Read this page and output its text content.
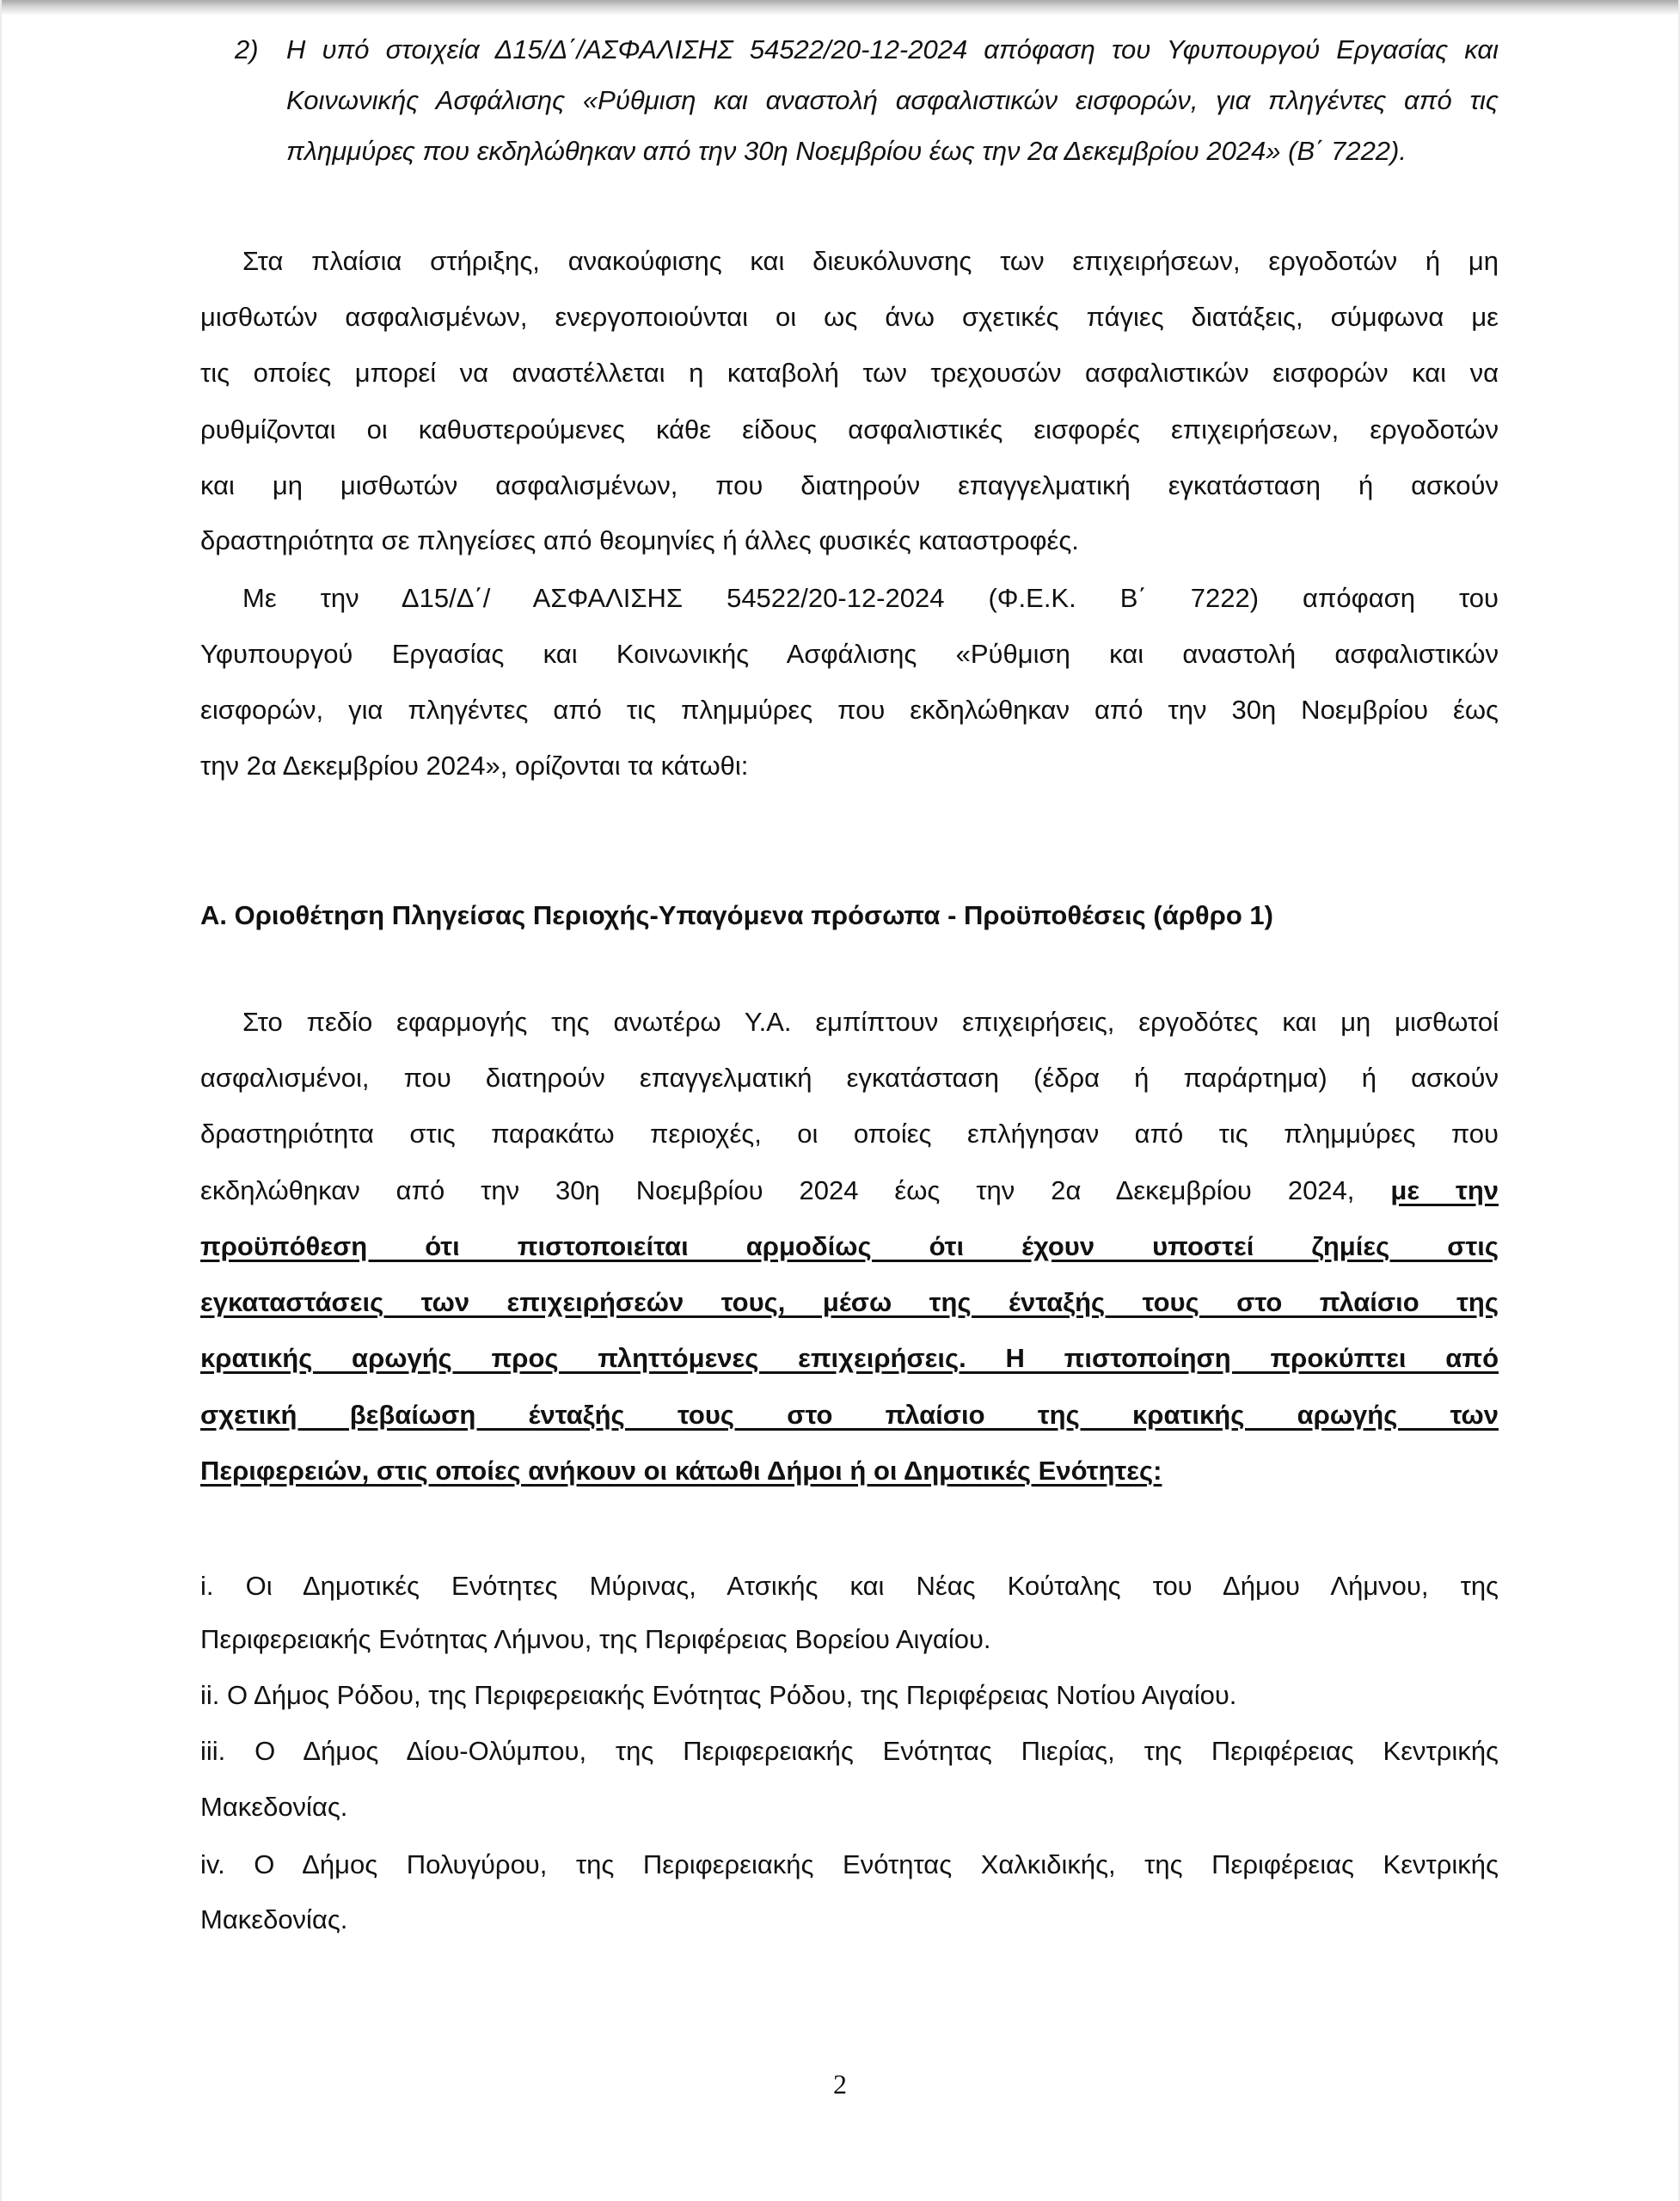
2) Η υπό στοιχεία Δ15/Δ΄/ΑΣΦΑΛΙΣΗΣ 54522/20-12-2024 απόφαση του Υφυπουργού Εργασίας και
Κοινωνικής Ασφάλισης «Ρύθμιση και αναστολή ασφαλιστικών εισφορών, για πληγέντες από τις
πλημμύρες που εκδηλώθηκαν από την 30η Νοεμβρίου έως την 2α Δεκεμβρίου 2024» (Β΄ 7222).
Στα πλαίσια στήριξης, ανακούφισης και διευκόλυνσης των επιχειρήσεων, εργοδοτών ή μη
μισθωτών ασφαλισμένων, ενεργοποιούνται οι ως άνω σχετικές πάγιες διατάξεις, σύμφωνα με
τις οποίες μπορεί να αναστέλλεται η καταβολή των τρεχουσών ασφαλιστικών εισφορών και να
ρυθμίζονται οι καθυστερούμενες κάθε είδους ασφαλιστικές εισφορές επιχειρήσεων, εργοδοτών
και μη μισθωτών ασφαλισμένων, που διατηρούν επαγγελματική εγκατάσταση ή ασκούν
δραστηριότητα σε πληγείσες από θεομηνίες ή άλλες φυσικές καταστροφές.
Με την Δ15/Δ΄/ ΑΣΦΑΛΙΣΗΣ 54522/20-12-2024 (Φ.Ε.Κ. Β΄ 7222) απόφαση του
Υφυπουργού Εργασίας και Κοινωνικής Ασφάλισης «Ρύθμιση και αναστολή ασφαλιστικών
εισφορών, για πληγέντες από τις πλημμύρες που εκδηλώθηκαν από την 30η Νοεμβρίου έως
την 2α Δεκεμβρίου 2024», ορίζονται τα κάτωθι:
Α. Οριοθέτηση Πληγείσας Περιοχής-Υπαγόμενα πρόσωπα - Προϋποθέσεις (άρθρο 1)
Στο πεδίο εφαρμογής της ανωτέρω Υ.Α. εμπίπτουν επιχειρήσεις, εργοδότες και μη μισθωτοί
ασφαλισμένοι, που διατηρούν επαγγελματική εγκατάσταση (έδρα ή παράρτημα) ή ασκούν
δραστηριότητα στις παρακάτω περιοχές, οι οποίες επλήγησαν από τις πλημμύρες που
εκδηλώθηκαν από την 30η Νοεμβρίου 2024 έως την 2α Δεκεμβρίου 2024, με την
προϋπόθεση ότι πιστοποιείται αρμοδίως ότι έχουν υποστεί ζημίες στις
εγκαταστάσεις των επιχειρήσεών τους, μέσω της ένταξής τους στο πλαίσιο της
κρατικής αρωγής προς πληττόμενες επιχειρήσεις. Η πιστοποίηση προκύπτει από
σχετική βεβαίωση ένταξής τους στο πλαίσιο της κρατικής αρωγής των
Περιφερειών, στις οποίες ανήκουν οι κάτωθι Δήμοι ή οι Δημοτικές Ενότητες:
i. Οι Δημοτικές Ενότητες Μύρινας, Ατσικής και Νέας Κούταλης του Δήμου Λήμνου, της
Περιφερειακής Ενότητας Λήμνου, της Περιφέρειας Βορείου Αιγαίου.
ii. Ο Δήμος Ρόδου, της Περιφερειακής Ενότητας Ρόδου, της Περιφέρειας Νοτίου Αιγαίου.
iii. Ο Δήμος Δίου-Ολύμπου, της Περιφερειακής Ενότητας Πιερίας, της Περιφέρειας Κεντρικής
Μακεδονίας.
iv. Ο Δήμος Πολυγύρου, της Περιφερειακής Ενότητας Χαλκιδικής, της Περιφέρειας Κεντρικής
Μακεδονίας.
2
